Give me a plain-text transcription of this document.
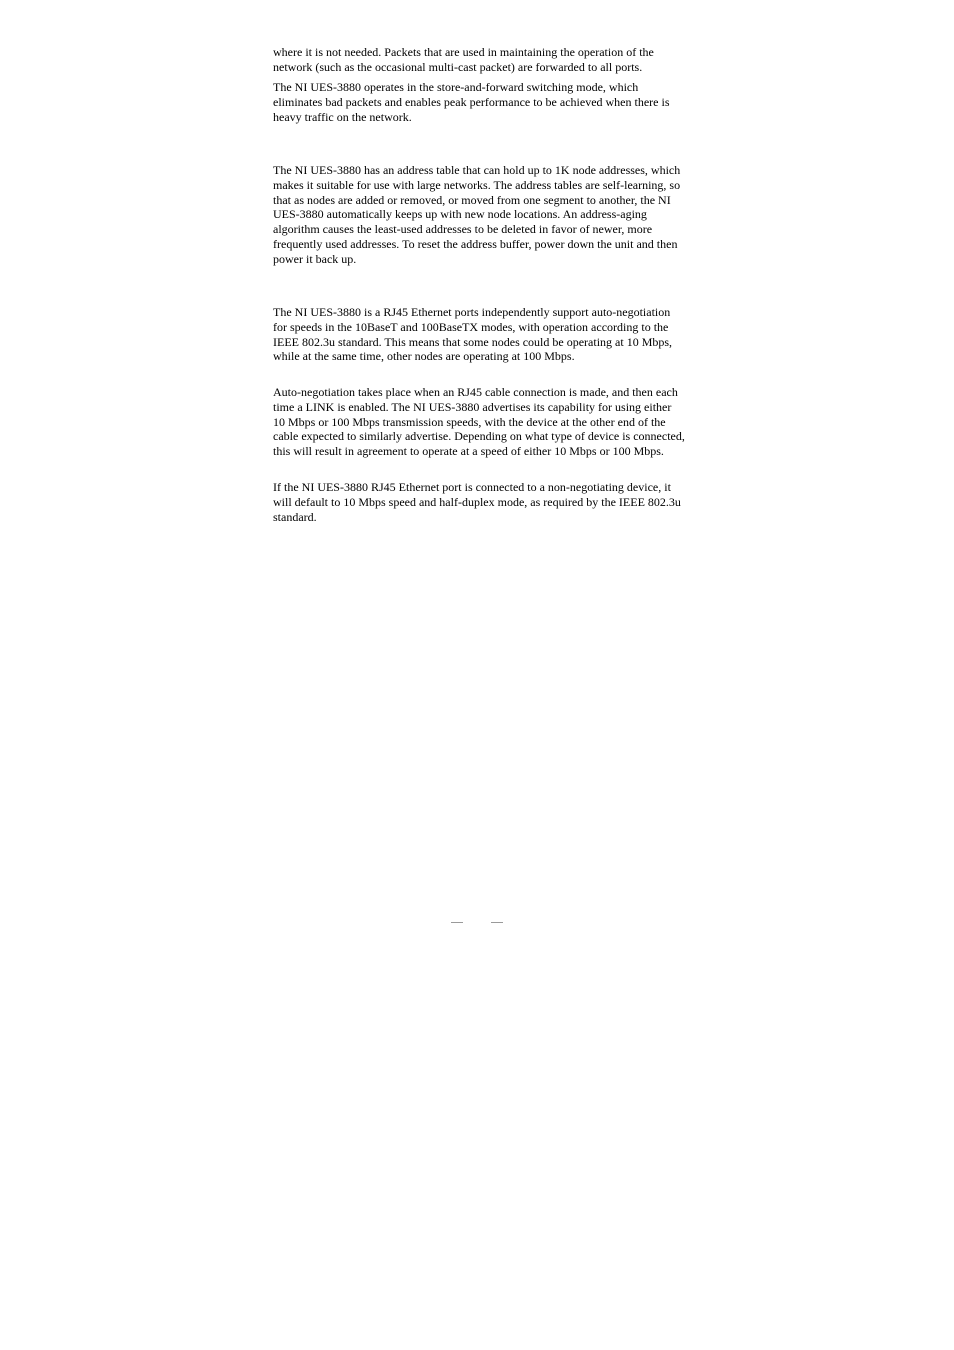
where it is not needed. Packets that are used in maintaining the operation of the network (such as the occasional multi-cast packet) are forwarded to all ports.

The NI UES-3880 operates in the store-and-forward switching mode, which eliminates bad packets and enables peak performance to be achieved when there is heavy traffic on the network.

The NI UES-3880 has an address table that can hold up to 1K node addresses, which makes it suitable for use with large networks. The address tables are self-learning, so that as nodes are added or removed, or moved from one segment to another, the NI UES-3880 automatically keeps up with new node locations. An address-aging algorithm causes the least-used addresses to be deleted in favor of newer, more frequently used addresses. To reset the address buffer, power down the unit and then power it back up.

The NI UES-3880 is a RJ45 Ethernet ports independently support auto-negotiation for speeds in the 10BaseT and 100BaseTX modes, with operation according to the IEEE 802.3u standard. This means that some nodes could be operating at 10 Mbps, while at the same time, other nodes are operating at 100 Mbps.

Auto-negotiation takes place when an RJ45 cable connection is made, and then each time a LINK is enabled. The NI UES-3880 advertises its capability for using either 10 Mbps or 100 Mbps transmission speeds, with the device at the other end of the cable expected to similarly advertise. Depending on what type of device is connected, this will result in agreement to operate at a speed of either 10 Mbps or 100 Mbps.

If the NI UES-3880 RJ45 Ethernet port is connected to a non-negotiating device, it will default to 10 Mbps speed and half-duplex mode, as required by the IEEE 802.3u standard.
